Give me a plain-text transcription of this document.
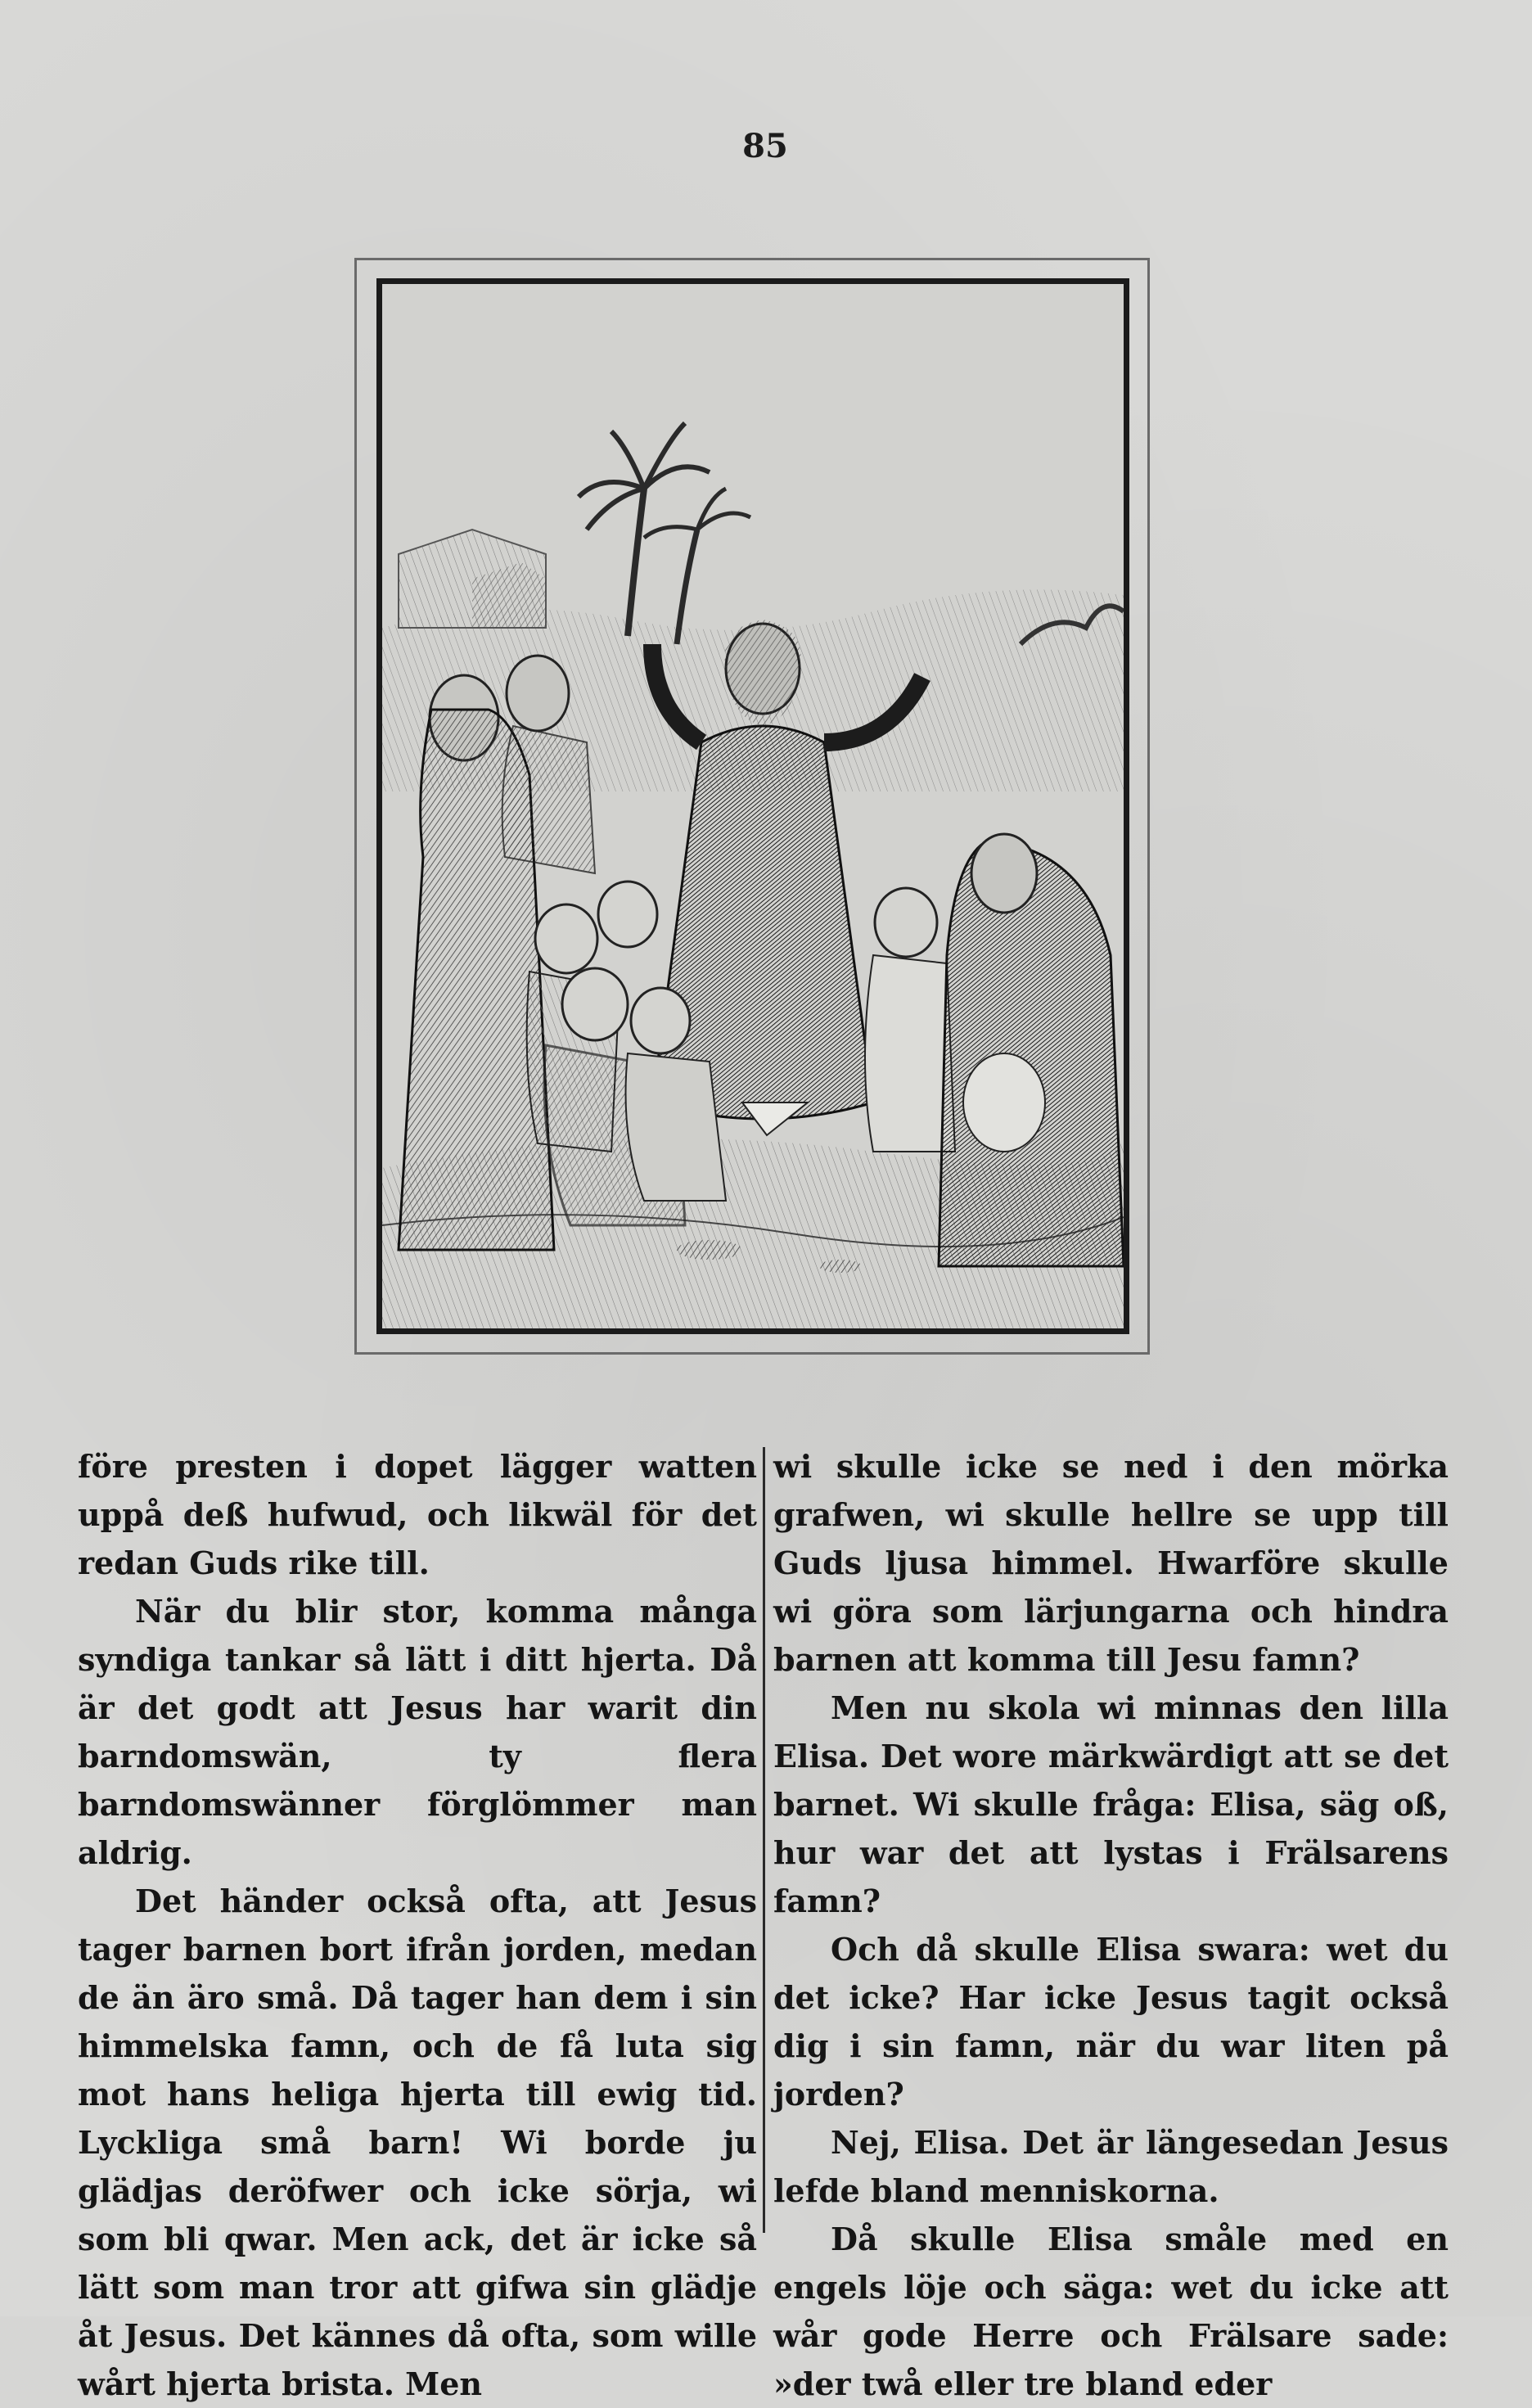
85

före presten i dopet lägger watten uppå deß hufwud, och likwäl för det redan Guds rike till.

När du blir stor, komma många syndiga tankar så lätt i ditt hjerta. Då är det godt att Jesus har warit din barndomswän, ty flera barndomswänner förglömmer man aldrig.

Det händer också ofta, att Jesus tager barnen bort ifrån jorden, medan de än äro små. Då tager han dem i sin himmelska famn, och de få luta sig mot hans heliga hjerta till ewig tid. Lyckliga små barn! Wi borde ju glädjas deröfwer och icke sörja, wi som bli qwar. Men ack, det är icke så lätt som man tror att gifwa sin glädje åt Jesus. Det kännes då ofta, som wille wårt hjerta brista. Men

wi skulle icke se ned i den mörka grafwen, wi skulle hellre se upp till Guds ljusa himmel. Hwarföre skulle wi göra som lärjungarna och hindra barnen att komma till Jesu famn?

Men nu skola wi minnas den lilla Elisa. Det wore märkwärdigt att se det barnet. Wi skulle fråga: Elisa, säg oß, hur war det att lystas i Frälsarens famn?

Och då skulle Elisa swara: wet du det icke? Har icke Jesus tagit också dig i sin famn, när du war liten på jorden?

Nej, Elisa. Det är längesedan Jesus lefde bland menniskorna.

Då skulle Elisa småle med en engels löje och säga: wet du icke att wår gode Herre och Frälsare sade: »der twå eller tre bland eder
